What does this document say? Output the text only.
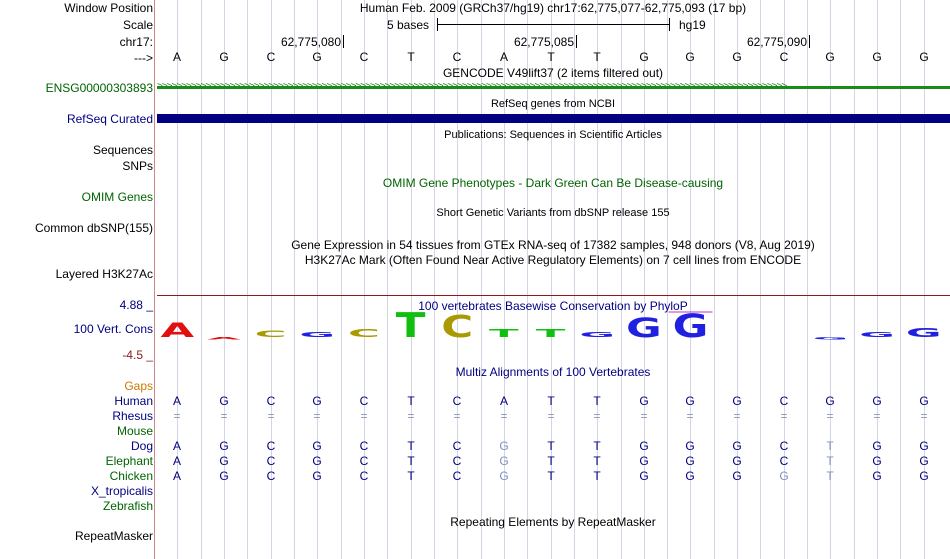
Window Position	Human Feb. 2009 (GRCh37/hg19) chr17:62,775,077-62,775,093 (17 bp)
Scale	5 bases	hg19
chr17:	62,775,080	62,775,085	62,775,090
--->	A	G	C	G	C	T	C	A	T	T	G	G	G	C	G	G	G
GENCODE V49lift37 (2 items filtered out)
ENSG00000303893 >>>>>>>>>>>>>>>>>>>>>>>>>>>>>>>>>>>>>>>>>>>>>>>>>>>>>>>>>>>>>>>>>>>>>>>>>>>>>>>>>>>>>>>>>>>>>>>>>>>>>>>>>>>>>>>>>>>>>>>>>>>>>>>>>>
RefSeq genes from NCBI
RefSeq Curated
Publications: Sequences in Scientific Articles
Sequences
SNPs
OMIM Gene Phenotypes - Dark Green Can Be Disease-causing
OMIM Genes
Short Genetic Variants from dbSNP release 155
Common dbSNP(155)
Gene Expression in 54 tissues from GTEx RNA-seq of 17382 samples, 948 donors (V8, Aug 2019)
H3K27Ac Mark (Often Found Near Active Regulatory Elements) on 7 cell lines from ENCODE
Layered H3K27Ac
100 vertebrates Basewise Conservation by PhyloP
4.88 _
100 Vert. Cons
-4.5 _
A A C G C T C T T G G G	G G G
Multiz Alignments of 100 Vertebrates
Gaps
Human	A	G	C	G	C	T	C	A	T	T	G	G	G	C	G	G	G
Rhesus	=	=	=	=	=	=	=	=	=	=	=	=	=	=	=	=	=
Mouse
Dog	A	G	C	G	C	T	C	G	T	T	G	G	G	C	T	G	G
Elephant	A	G	C	G	C	T	C	G	T	T	G	G	G	C	T	G	G
Chicken	A	G	C	G	C	T	C	G	T	T	G	G	G	G	T	G	G
X_tropicalis
Zebrafish
Repeating Elements by RepeatMasker
RepeatMasker
